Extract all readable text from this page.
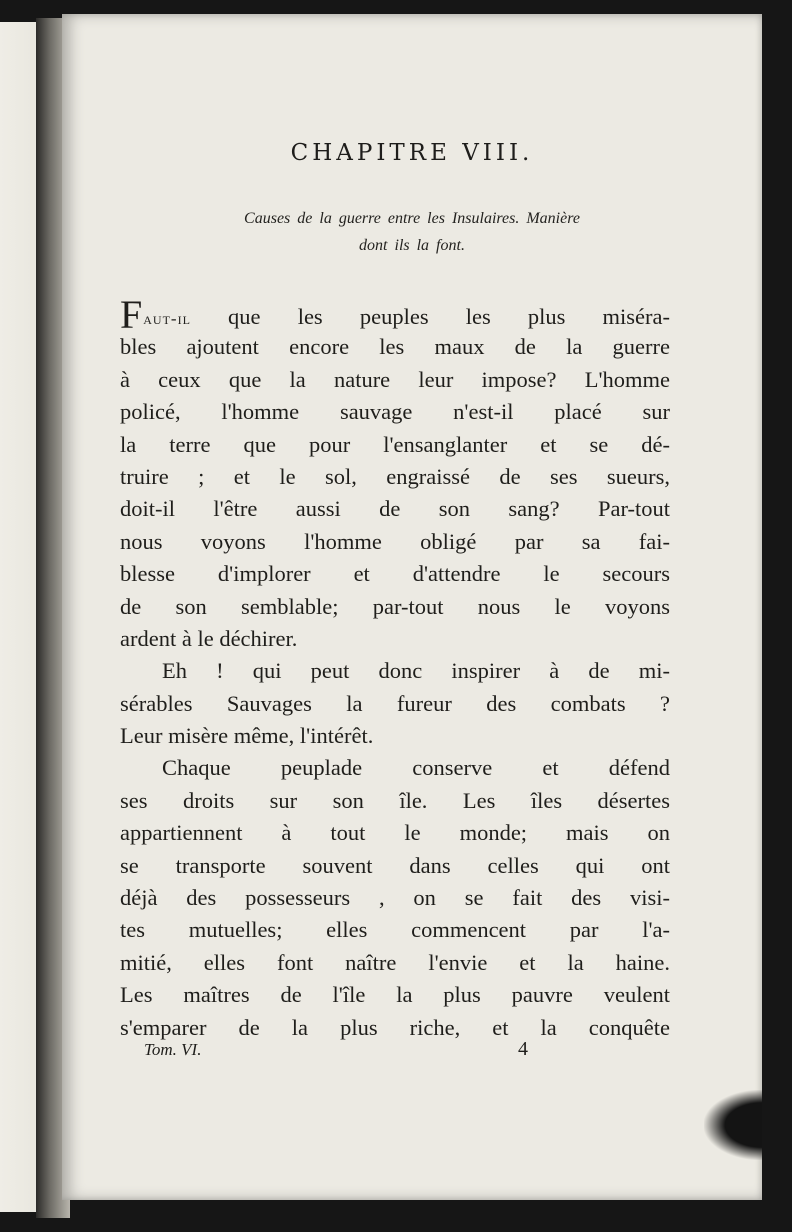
CHAPITRE VIII.
Causes de la guerre entre les Insulaires. Manière
dont ils la font.
Faut-il que les peuples les plus miséra-
bles ajoutent encore les maux de la guerre
à ceux que la nature leur impose? L'homme
policé, l'homme sauvage n'est-il placé sur
la terre que pour l'ensanglanter et se dé-
truire ; et le sol, engraissé de ses sueurs,
doit-il l'être aussi de son sang? Par-tout
nous voyons l'homme obligé par sa fai-
blesse d'implorer et d'attendre le secours
de son semblable; par-tout nous le voyons
ardent à le déchirer.
Eh ! qui peut donc inspirer à de mi-
sérables Sauvages la fureur des combats ?
Leur misère même, l'intérêt.
Chaque peuplade conserve et défend
ses droits sur son île. Les îles désertes
appartiennent à tout le monde; mais on
se transporte souvent dans celles qui ont
déjà des possesseurs , on se fait des visi-
tes mutuelles; elles commencent par l'a-
mitié, elles font naître l'envie et la haine.
Les maîtres de l'île la plus pauvre veulent
s'emparer de la plus riche, et la conquête
Tom. VI.	4
